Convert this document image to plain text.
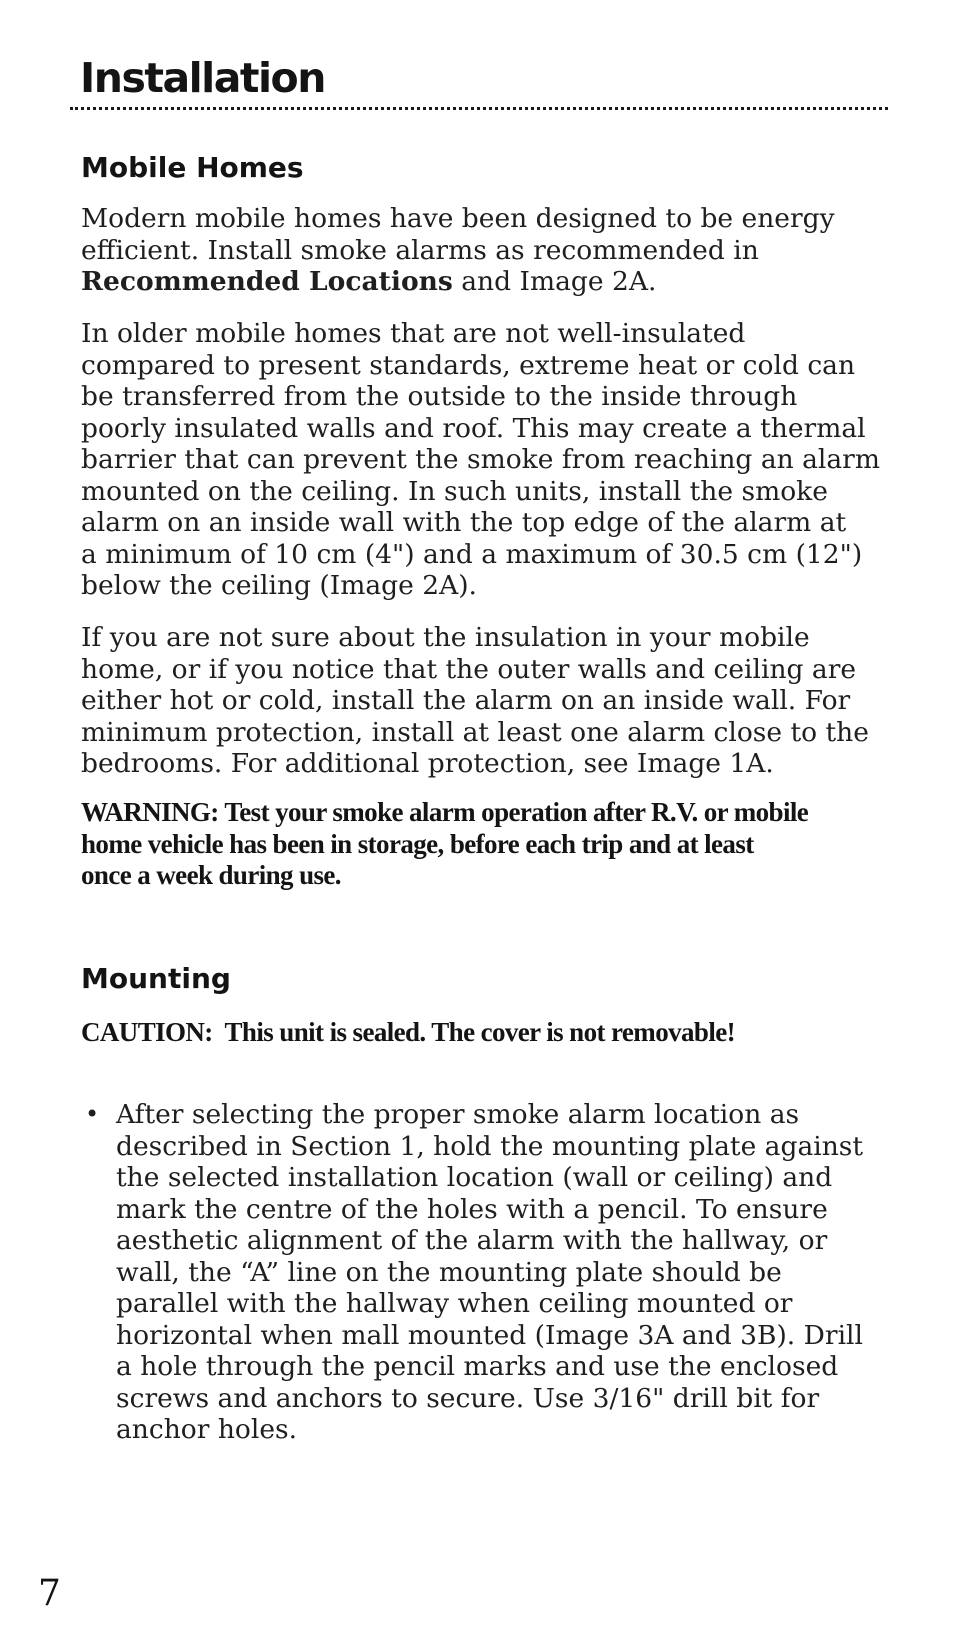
Installation
Mobile Homes

Modern mobile homes have been designed to be energy
efficient. Install smoke alarms as recommended in
Recommended Locations and Image 2A.

In older mobile homes that are not well-insulated
compared to present standards, extreme heat or cold can
be transferred from the outside to the inside through
poorly insulated walls and roof. This may create a thermal
barrier that can prevent the smoke from reaching an alarm
mounted on the ceiling. In such units, install the smoke
alarm on an inside wall with the top edge of the alarm at
a minimum of 10 cm (4") and a maximum of 30.5 cm (12")
below the ceiling (Image 2A).

If you are not sure about the insulation in your mobile
home, or if you notice that the outer walls and ceiling are
either hot or cold, install the alarm on an inside wall. For
minimum protection, install at least one alarm close to the
bedrooms. For additional protection, see Image 1A.

WARNING: Test your smoke alarm operation after R.V. or mobile
home vehicle has been in storage, before each trip and at least
once a week during use.

Mounting

CAUTION:  This unit is sealed. The cover is not removable!

• After selecting the proper smoke alarm location as
described in Section 1, hold the mounting plate against
the selected installation location (wall or ceiling) and
mark the centre of the holes with a pencil. To ensure
aesthetic alignment of the alarm with the hallway, or
wall, the “A” line on the mounting plate should be
parallel with the hallway when ceiling mounted or
horizontal when mall mounted (Image 3A and 3B). Drill
a hole through the pencil marks and use the enclosed
screws and anchors to secure. Use 3/16" drill bit for
anchor holes.

7
